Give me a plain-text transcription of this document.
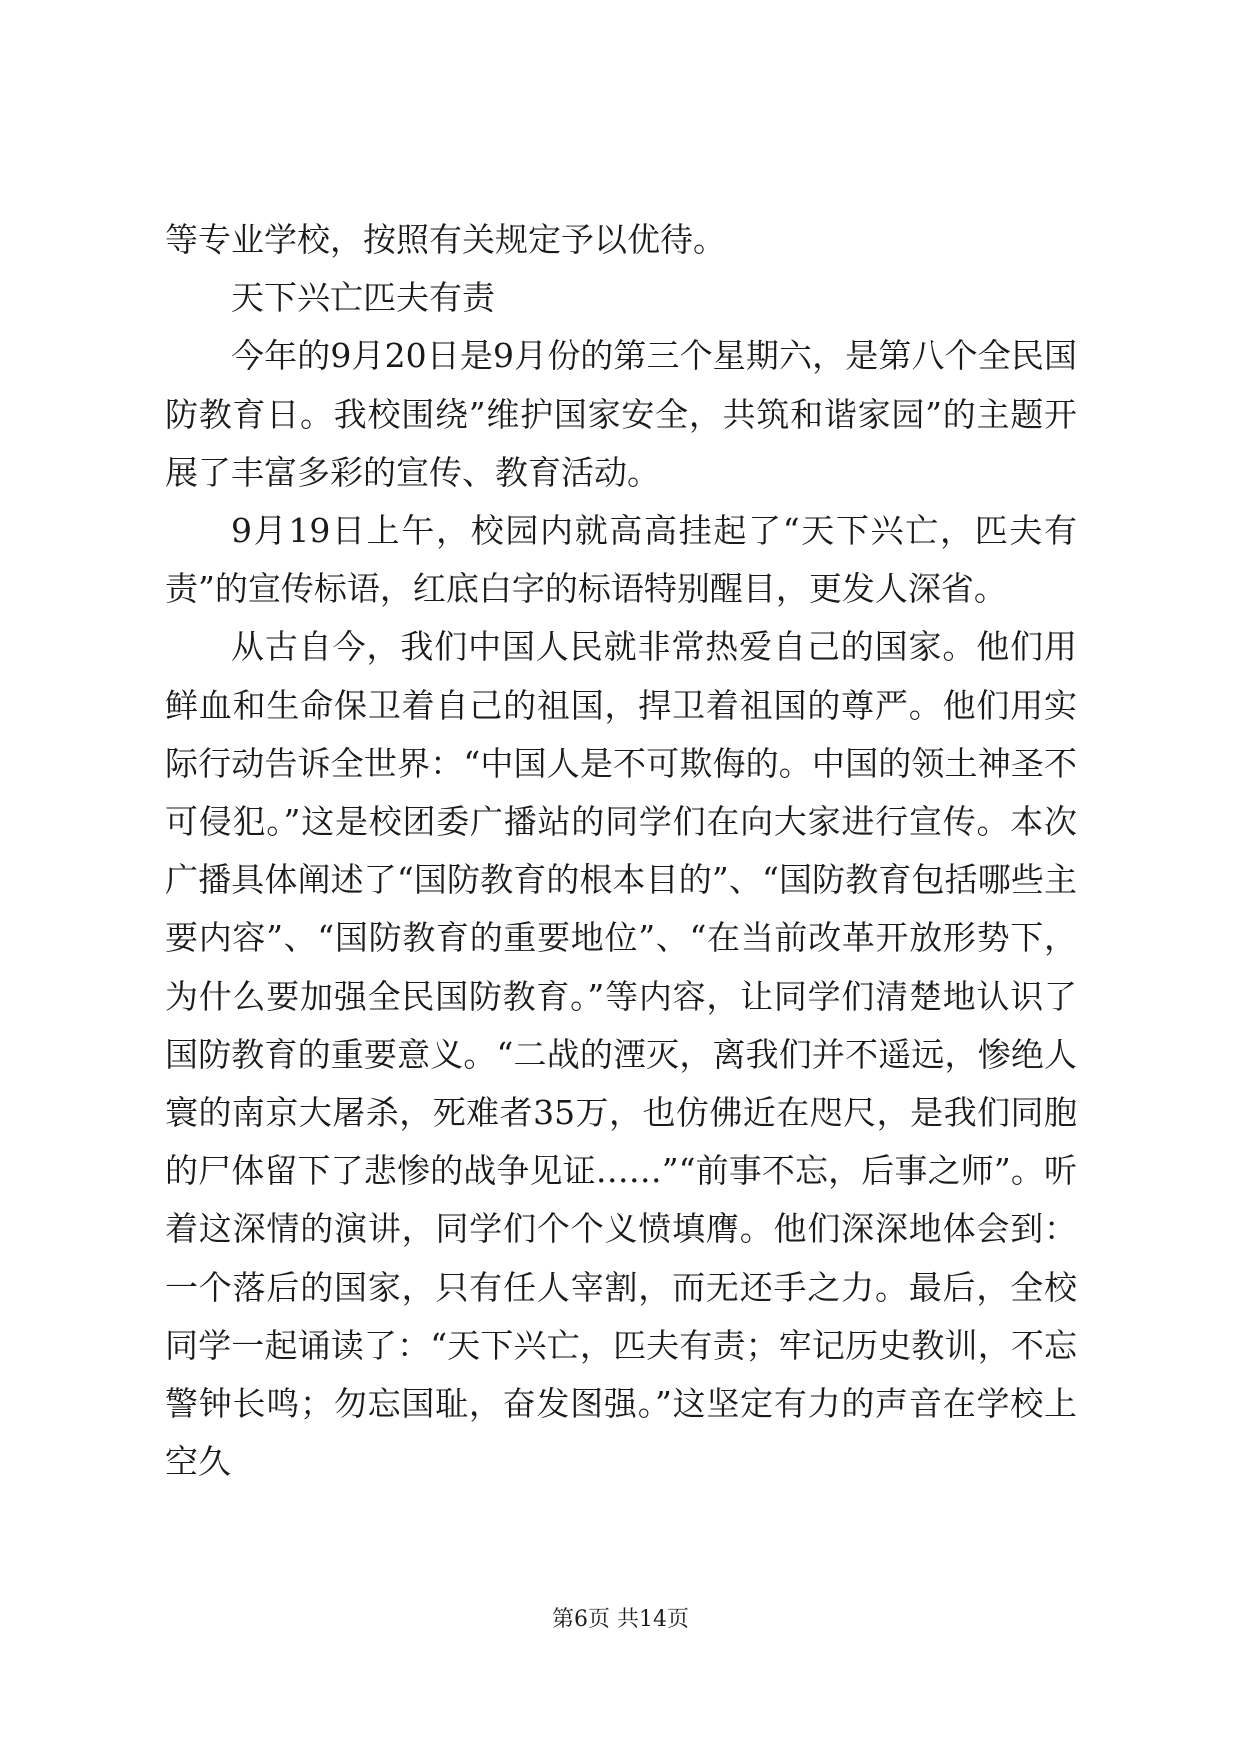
等专业学校，按照有关规定予以优待。

天下兴亡匹夫有责

今年的9月20日是9月份的第三个星期六，是第八个全民国防教育日。我校围绕”维护国家安全，共筑和谐家园”的主题开展了丰富多彩的宣传、教育活动。

9月19日上午，校园内就高高挂起了“天下兴亡，匹夫有责”的宣传标语，红底白字的标语特别醒目，更发人深省。

从古自今，我们中国人民就非常热爱自己的国家。他们用鲜血和生命保卫着自己的祖国，捍卫着祖国的尊严。他们用实际行动告诉全世界：“中国人是不可欺侮的。中国的领土神圣不可侵犯。”这是校团委广播站的同学们在向大家进行宣传。本次广播具体阐述了“国防教育的根本目的”、“国防教育包括哪些主要内容”、“国防教育的重要地位”、“在当前改革开放形势下，为什么要加强全民国防教育。”等内容，让同学们清楚地认识了国防教育的重要意义。“二战的湮灭，离我们并不遥远，惨绝人寰的南京大屠杀，死难者35万，也仿佛近在咫尺，是我们同胞的尸体留下了悲惨的战争见证……”“前事不忘，后事之师”。听着这深情的演讲，同学们个个义愤填膺。他们深深地体会到：一个落后的国家，只有任人宰割，而无还手之力。最后，全校同学一起诵读了：“天下兴亡，匹夫有责；牢记历史教训，不忘警钟长鸣；勿忘国耻，奋发图强。”这坚定有力的声音在学校上空久

第6页 共14页
